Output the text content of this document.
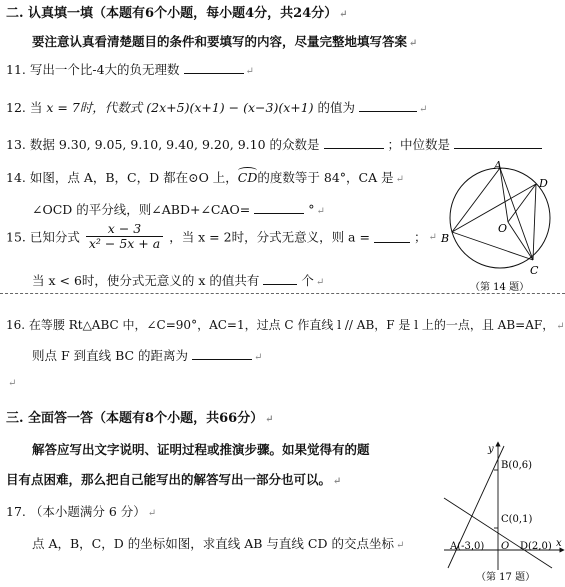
二. 认真填一填（本题有6个小题，每小题4分，共24分） ↵
要注意认真看清楚题目的条件和要填写的内容，尽量完整地填写答案 ↵
11. 写出一个比-4大的负无理数	↵
12. 当 x = 7时，代数式 (2x+5)(x+1) − (x−3)(x+1) 的值为	↵
13. 数据 9.30, 9.05, 9.10, 9.40, 9.20, 9.10 的众数是	；中位数是
14. 如图，点 A，B，C，D 都在⊙O 上，
CD的度数等于 84°，CA 是 ↵
∠OCD 的平分线，则∠ABD+∠CAO=	° ↵
15. 已知分式 $\frac{x - 3}{\text{x² − 5x + a}}$ ，当 x = 2时，分式无意义，则 a =	； ↵
当 x < 6时，使分式无意义的 x 的值共有	个 ↵
A
D
B
O
C
（第 14 题）
16. 在等腰 Rt△ABC 中，∠C=90°，AC=1，过点 C 作直线 l // AB，F 是 l 上的一点，且 AB=AF， ↵
则点 F 到直线 BC 的距离为	↵
↵
三. 全面答一答（本题有8个小题，共66分） ↵
解答应写出文字说明、证明过程或推演步骤。如果觉得有的题
目有点困难，那么把自己能写出的解答写出一部分也可以。 ↵
17. （本小题满分 6 分） ↵
点 A，B，C，D 的坐标如图，求直线 AB 与直线 CD 的交点坐标 ↵
y
x
B(0,6)
C(0,1)
A(-3,0) O D(2,0)
（第 17 题）
